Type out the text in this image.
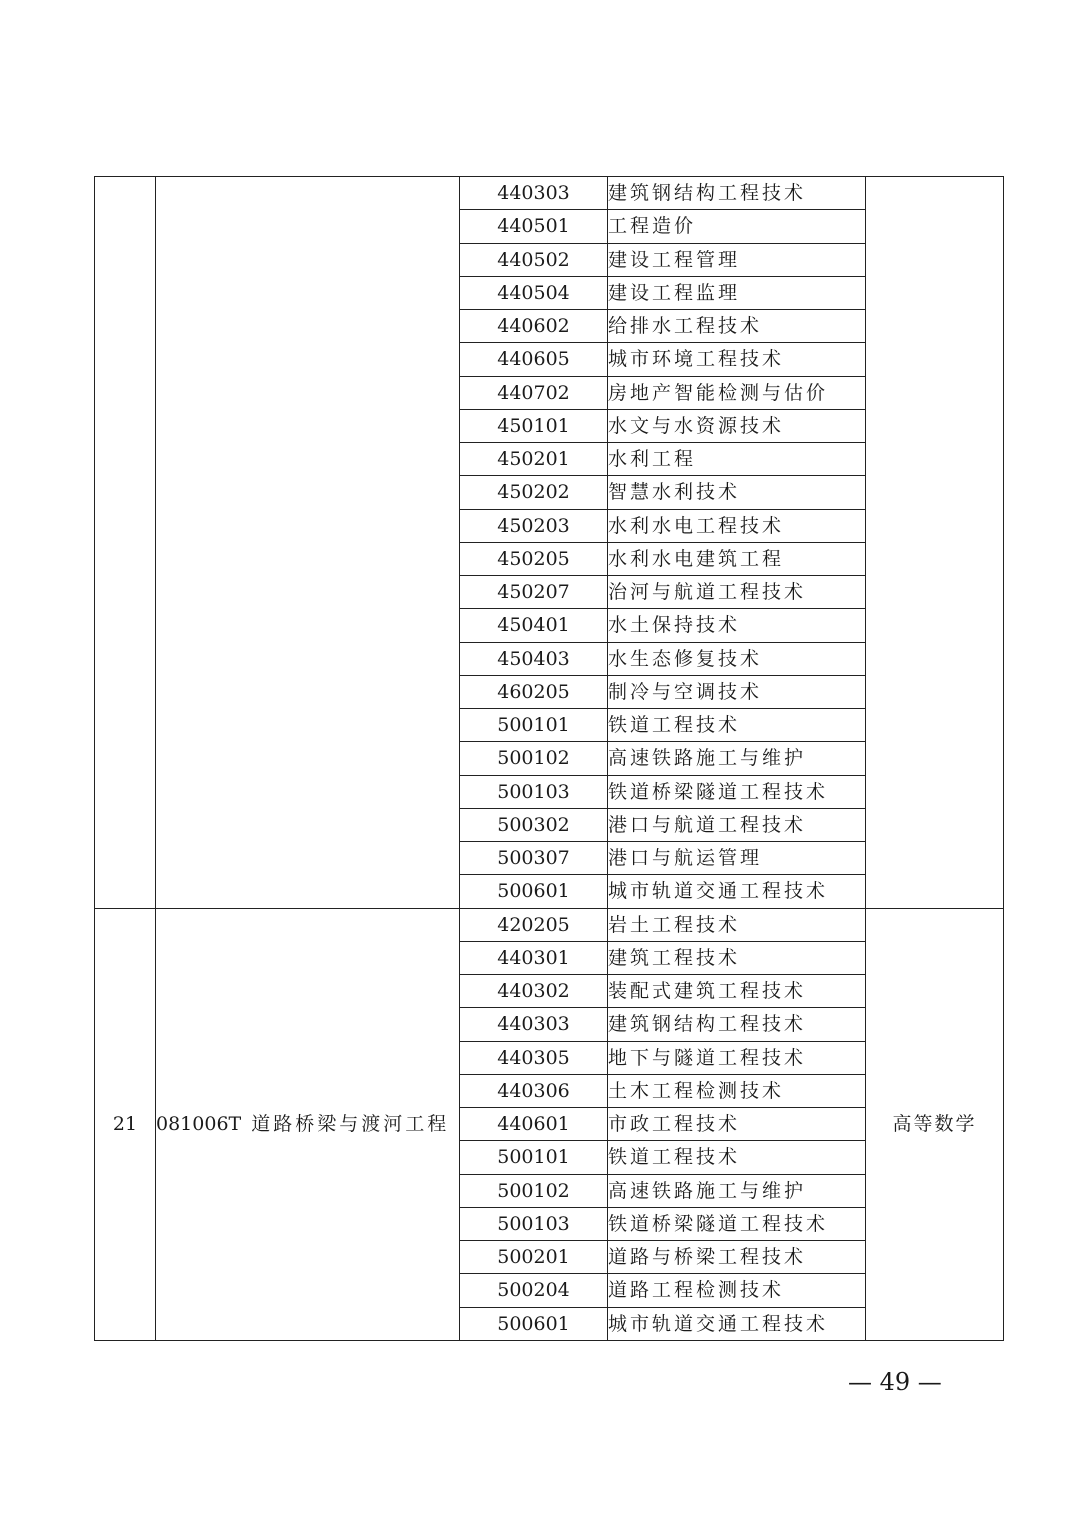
		440303	建筑钢结构工程技术	
		440501	工程造价	
		440502	建设工程管理	
		440504	建设工程监理	
		440602	给排水工程技术	
		440605	城市环境工程技术	
		440702	房地产智能检测与估价	
		450101	水文与水资源技术	
		450201	水利工程	
		450202	智慧水利技术	
		450203	水利水电工程技术	
		450205	水利水电建筑工程	
		450207	治河与航道工程技术	
		450401	水土保持技术	
		450403	水生态修复技术	
		460205	制冷与空调技术	
		500101	铁道工程技术	
		500102	高速铁路施工与维护	
		500103	铁道桥梁隧道工程技术	
		500302	港口与航道工程技术	
		500307	港口与航运管理	
		500601	城市轨道交通工程技术	
21	081006T 道路桥梁与渡河工程	420205	岩土工程技术	高等数学
		440301	建筑工程技术	
		440302	装配式建筑工程技术	
		440303	建筑钢结构工程技术	
		440305	地下与隧道工程技术	
		440306	土木工程检测技术	
		440601	市政工程技术	
		500101	铁道工程技术	
		500102	高速铁路施工与维护	
		500103	铁道桥梁隧道工程技术	
		500201	道路与桥梁工程技术	
		500204	道路工程检测技术	
		500601	城市轨道交通工程技术	
— 49 —
